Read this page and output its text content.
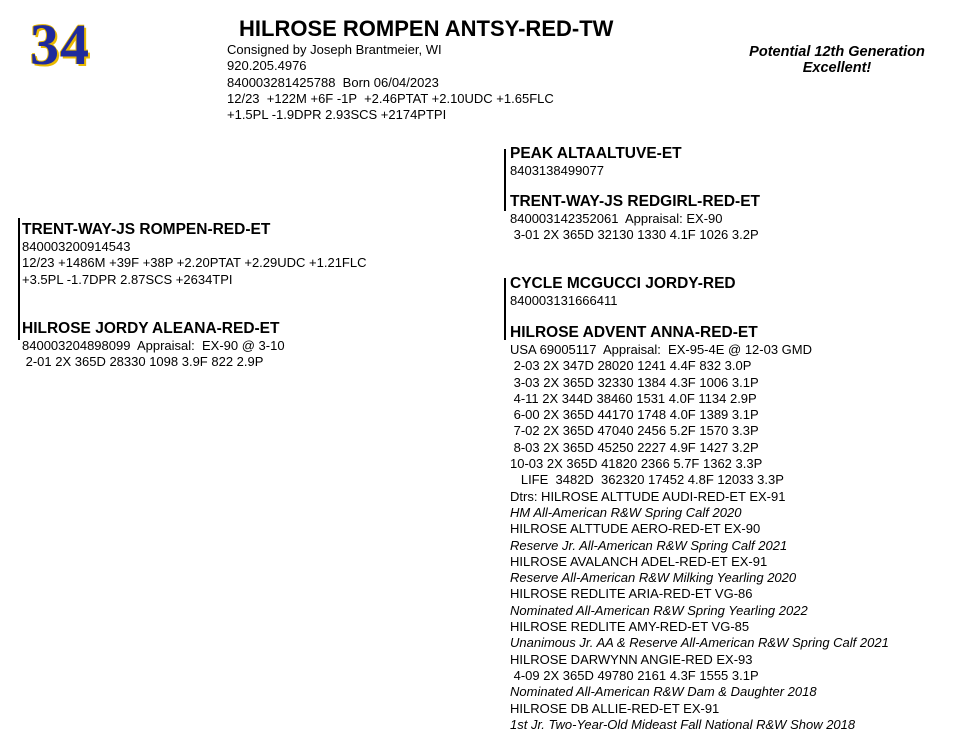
34	HILROSE ROMPEN ANTSY-RED-TW
Consigned by Joseph Brantmeier, WI
920.205.4976
840003281425788  Born 06/04/2023
12/23  +122M +6F -1P  +2.46PTAT +2.10UDC +1.65FLC
+1.5PL -1.9DPR 2.93SCS +2174PTPI
Potential 12th Generation
Excellent!
TRENT-WAY-JS ROMPEN-RED-ET
840003200914543
12/23 +1486M +39F +38P +2.20PTAT +2.29UDC +1.21FLC
+3.5PL -1.7DPR 2.87SCS +2634TPI
HILROSE JORDY ALEANA-RED-ET
840003204898099  Appraisal:  EX-90 @ 3-10
2-01 2X 365D 28330 1098 3.9F 822 2.9P
PEAK ALTAALTUVE-ET
8403138499077
TRENT-WAY-JS REDGIRL-RED-ET
840003142352061  Appraisal: EX-90
3-01 2X 365D 32130 1330 4.1F 1026 3.2P
CYCLE MCGUCCI JORDY-RED
840003131666411
HILROSE ADVENT ANNA-RED-ET
USA 69005117  Appraisal:  EX-95-4E @ 12-03 GMD
2-03 2X 347D 28020 1241 4.4F 832 3.0P
3-03 2X 365D 32330 1384 4.3F 1006 3.1P
4-11 2X 344D 38460 1531 4.0F 1134 2.9P
6-00 2X 365D 44170 1748 4.0F 1389 3.1P
7-02 2X 365D 47040 2456 5.2F 1570 3.3P
8-03 2X 365D 45250 2227 4.9F 1427 3.2P
10-03 2X 365D 41820 2366 5.7F 1362 3.3P
LIFE  3482D  362320 17452 4.8F 12033 3.3P
Dtrs: HILROSE ALTTUDE AUDI-RED-ET EX-91
HM All-American R&W Spring Calf 2020
HILROSE ALTTUDE AERO-RED-ET EX-90
Reserve Jr. All-American R&W Spring Calf 2021
HILROSE AVALANCH ADEL-RED-ET EX-91
Reserve All-American R&W Milking Yearling 2020
HILROSE REDLITE ARIA-RED-ET VG-86
Nominated All-American R&W Spring Yearling 2022
HILROSE REDLITE AMY-RED-ET VG-85
Unanimous Jr. AA & Reserve All-American R&W Spring Calf 2021
HILROSE DARWYNN ANGIE-RED EX-93
4-09 2X 365D 49780 2161 4.3F 1555 3.1P
Nominated All-American R&W Dam & Daughter 2018
HILROSE DB ALLIE-RED-ET EX-91
1st Jr. Two-Year-Old Mideast Fall National R&W Show 2018
